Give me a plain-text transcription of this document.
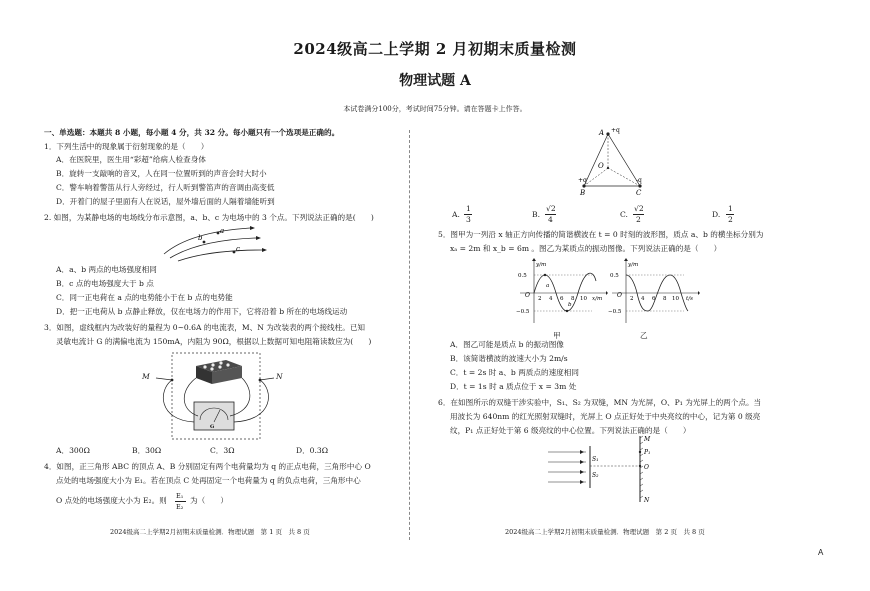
2024级高二上学期 2 月初期末质量检测
物理试题 A
本试卷满分100分，考试时间75分钟。请在答题卡上作答。

一、单选题：本题共 8 小题，每小题 4 分，共 32 分。每小题只有一个选项是正确的。

1．下列生活中的现象属于衍射现象的是（　　）

A．在医院里，医生用“彩超”给病人检查身体

B．旋转一支敲响的音叉，人在同一位置听到的声音会时大时小

C．警车响着警笛从行人旁经过，行人听到警笛声的音调由高变低

D．开着门的屋子里面有人在说话，屋外墙后面的人隔着墙能听到

2. 如图，为某静电场的电场线分布示意图，a、b、c 为电场中的 3 个点。下列说法正确的是(　　)

a
b
c

A．a、b 两点的电场强度相同

B．c 点的电场强度大于 b 点

C．同一正电荷在 a 点的电势能小于在 b 点的电势能

D．把一正电荷从 b 点静止释放，仅在电场力的作用下，它将沿着 b 所在的电场线运动

3．如图，虚线框内为改装好的量程为 0~0.6A 的电流表，M、N 为改装表的两个接线柱。已知

灵敏电流计 G 的满偏电流为 150mA，内阻为 90Ω，根据以上数据可知电阻箱读数应为(　　)

G

M	N

A．300Ω	B．30Ω	C．3Ω	D．0.3Ω

4．如图，正三角形 ABC 的顶点 A、B 分别固定有两个电荷量均为 q 的正点电荷，三角形中心 O

点处的电场强度大小为 E₁。若在顶点 C 处再固定一个电荷量为 q 的负点电荷，三角形中心

O 点处的电场强度大小为 E₂。则 E₁

E₂

为（　　）

2024级高二上学期2月初期末质量检测．物理试题　第 1 页　共 8 页

A +q
O
+q
B
-q
C

A.

1

3

B.

√2

4

C.

√2

2

D.

1

2

5．图甲为一列沿 x 轴正方向传播的简谐横波在 t = 0 时刻的波形图，质点 a、b 的横坐标分别为

xₐ = 2m 和 x_b = 6m 。图乙为某质点的振动图像。下列说法正确的是（　　）

y/m
0.5
−0.5
O 2 4 6 8 10 x/m
a
b

甲

y/m
0.5
−0.5
O 2 4 6 8 10 t/s

乙

A．图乙可能是质点 b 的振动图像

B．该简谐横波的波速大小为 2m/s

C．t = 2s 时 a、b 两质点的速度相同

D．t = 1s 时 a 质点位于 x = 3m 处

6．在如图所示的双缝干涉实验中，S₁、S₂ 为双缝，MN 为光屏，O、P₁ 为光屏上的两个点。当

用波长为 640nm 的红光照射双缝时，光屏上 O 点正好处于中央亮纹的中心，记为第 0 级亮

纹，P₁ 点正好处于第 6 级亮纹的中心位置。下列说法正确的是（　　）

S₁
S₂
M
P₁
O
N

2024级高二上学期2月初期末质量检测．物理试题　第 2 页　共 8 页

A
